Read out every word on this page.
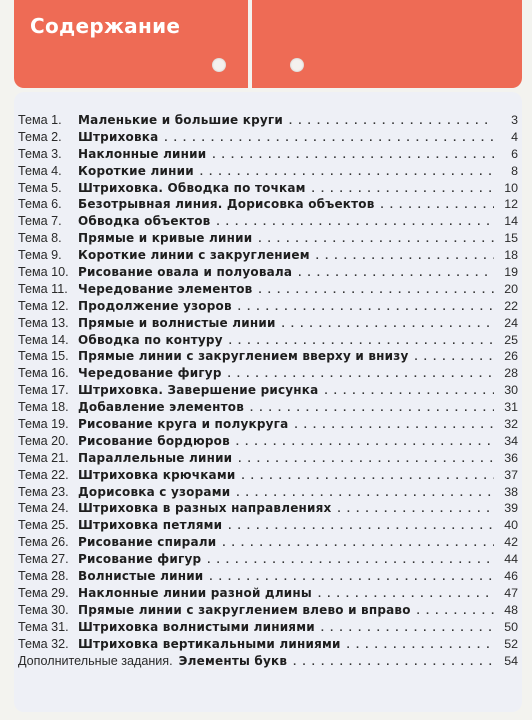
Содержание
Тема 1.	Маленькие и большие круги . . .	3
Тема 2.	Штриховка . . .	4
Тема 3.	Наклонные линии . . .	6
Тема 4.	Короткие линии . . .	8
Тема 5.	Штриховка. Обводка по точкам . . .	10
Тема 6.	Безотрывная линия. Дорисовка объектов . . .	12
Тема 7.	Обводка объектов . . .	14
Тема 8.	Прямые и кривые линии . . .	15
Тема 9.	Короткие линии с закруглением . . .	18
Тема 10. Рисование овала и полуовала . . .	19
Тема 11. Чередование элементов . . .	20
Тема 12. Продолжение узоров . . .	22
Тема 13. Прямые и волнистые линии . . .	24
Тема 14. Обводка по контуру . . .	25
Тема 15. Прямые линии с закруглением вверху и внизу . . .	26
Тема 16. Чередование фигур . . .	28
Тема 17. Штриховка. Завершение рисунка . . .	30
Тема 18. Добавление элементов . . .	31
Тема 19. Рисование круга и полукруга . . .	32
Тема 20. Рисование бордюров . . .	34
Тема 21. Параллельные линии . . .	36
Тема 22. Штриховка крючками . . .	37
Тема 23. Дорисовка с узорами . . .	38
Тема 24. Штриховка в разных направлениях . . .	39
Тема 25. Штриховка петлями . . .	40
Тема 26. Рисование спирали . . .	42
Тема 27. Рисование фигур . . .	44
Тема 28. Волнистые линии . . .	46
Тема 29. Наклонные линии разной длины . . .	47
Тема 30. Прямые линии с закруглением влево и вправо . . .	48
Тема 31. Штриховка волнистыми линиями . . .	50
Тема 32. Штриховка вертикальными линиями . . .	52
Дополнительные задания. Элементы букв . . .	54
